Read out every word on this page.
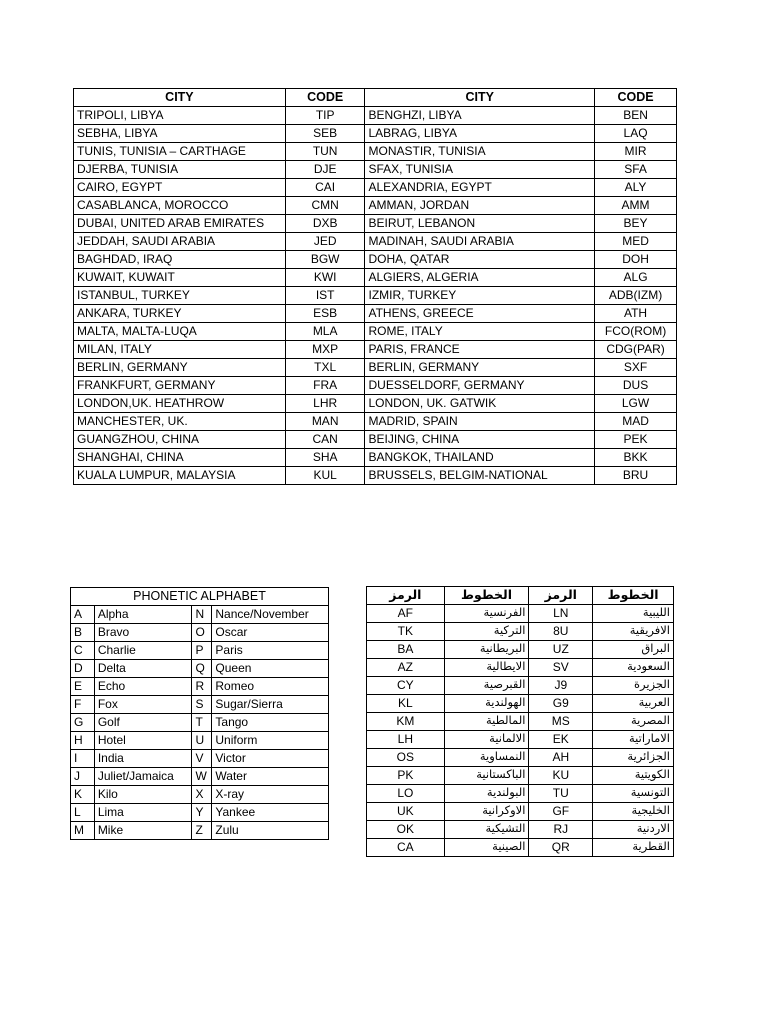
CITY	CODE	CITY	CODE
TRIPOLI, LIBYA	TIP	BENGHZI, LIBYA	BEN
SEBHA, LIBYA	SEB	LABRAG, LIBYA	LAQ
TUNIS, TUNISIA – CARTHAGE	TUN	MONASTIR, TUNISIA	MIR
DJERBA, TUNISIA	DJE	SFAX, TUNISIA	SFA
CAIRO, EGYPT	CAI	ALEXANDRIA, EGYPT	ALY
CASABLANCA, MOROCCO	CMN	AMMAN, JORDAN	AMM
DUBAI, UNITED ARAB EMIRATES	DXB	BEIRUT, LEBANON	BEY
JEDDAH, SAUDI ARABIA	JED	MADINAH, SAUDI ARABIA	MED
BAGHDAD, IRAQ	BGW	DOHA, QATAR	DOH
KUWAIT, KUWAIT	KWI	ALGIERS, ALGERIA	ALG
ISTANBUL, TURKEY	IST	IZMIR, TURKEY	ADB(IZM)
ANKARA, TURKEY	ESB	ATHENS, GREECE	ATH
MALTA, MALTA-LUQA	MLA	ROME, ITALY	FCO(ROM)
MILAN, ITALY	MXP	PARIS, FRANCE	CDG(PAR)
BERLIN, GERMANY	TXL	BERLIN, GERMANY	SXF
FRANKFURT, GERMANY	FRA	DUESSELDORF, GERMANY	DUS
LONDON,UK. HEATHROW	LHR	LONDON, UK. GATWIK	LGW
MANCHESTER, UK.	MAN	MADRID, SPAIN	MAD
GUANGZHOU, CHINA	CAN	BEIJING, CHINA	PEK
SHANGHAI, CHINA	SHA	BANGKOK, THAILAND	BKK
KUALA LUMPUR, MALAYSIA	KUL	BRUSSELS, BELGIM-NATIONAL	BRU
PHONETIC ALPHABET			
A	Alpha	N	Nance/November
B	Bravo	O	Oscar
C	Charlie	P	Paris
D	Delta	Q	Queen
E	Echo	R	Romeo
F	Fox	S	Sugar/Sierra
G	Golf	T	Tango
H	Hotel	U	Uniform
I	India	V	Victor
J	Juliet/Jamaica	W	Water
K	Kilo	X	X-ray
L	Lima	Y	Yankee
M	Mike	Z	Zulu
الرمز	الخطوط	الرمز	الخطوط
AF	الفرنسية	LN	الليبية
TK	التركية	8U	الافريقية
BA	البريطانية	UZ	البراق
AZ	الايطالية	SV	السعودية
CY	القبرصية	J9	الجزيرة
KL	الهولندية	G9	العربية
KM	المالطية	MS	المصرية
LH	الالمانية	EK	الاماراتية
OS	النمساوية	AH	الجزائرية
PK	الباكستانية	KU	الكويتية
LO	البولندية	TU	التونسية
UK	الاوكرانية	GF	الخليجية
OK	التشيكية	RJ	الاردنية
CA	الصينية	QR	القطرية
